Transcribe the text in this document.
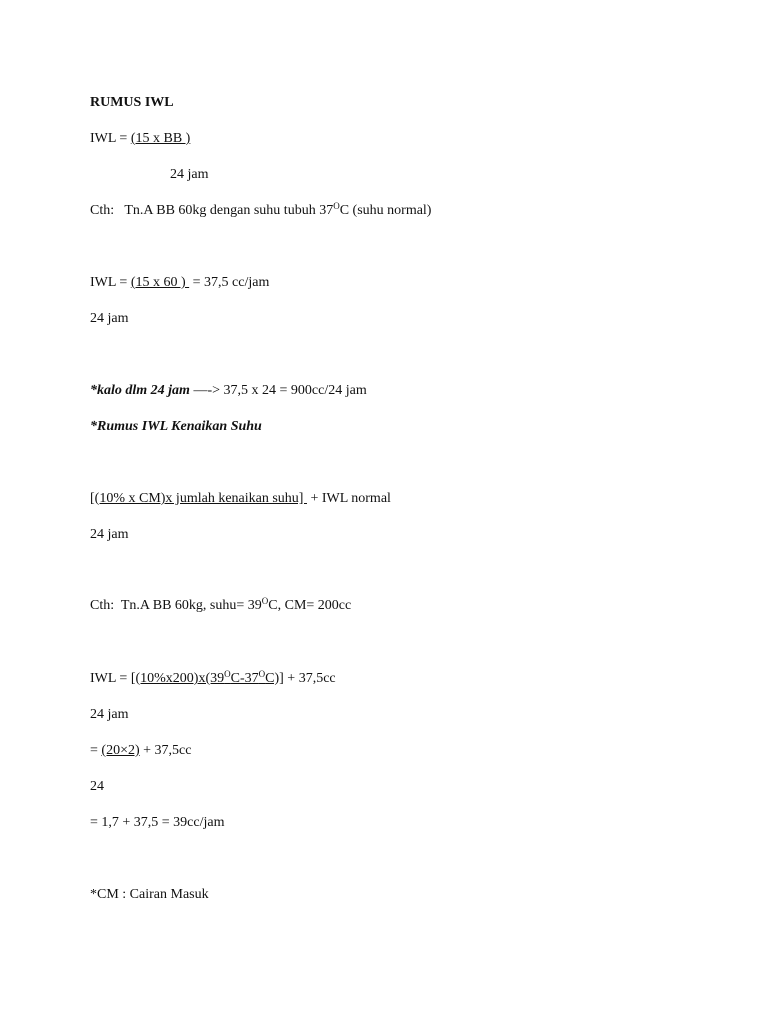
RUMUS IWL
IWL = (15 x BB )
24 jam
Cth:   Tn.A BB 60kg dengan suhu tubuh $37^OC$ (suhu normal)
IWL = (15 x 60 )  = 37,5 cc/jam
24 jam
*kalo dlm 24 jam —-> 37,5 x 24 = 900cc/24 jam
*Rumus IWL Kenaikan Suhu
[(10% x CM)x jumlah kenaikan suhu]  + IWL normal
24 jam
Cth:  Tn.A BB 60kg, suhu= $39^OC$, CM= 200cc
IWL = $[(10\%x200)x(39^OC-37^OC)] + 37,5cc$
24 jam
= (20×2) + 37,5cc
24
= 1,7 + 37,5 = 39cc/jam
*CM : Cairan Masuk
